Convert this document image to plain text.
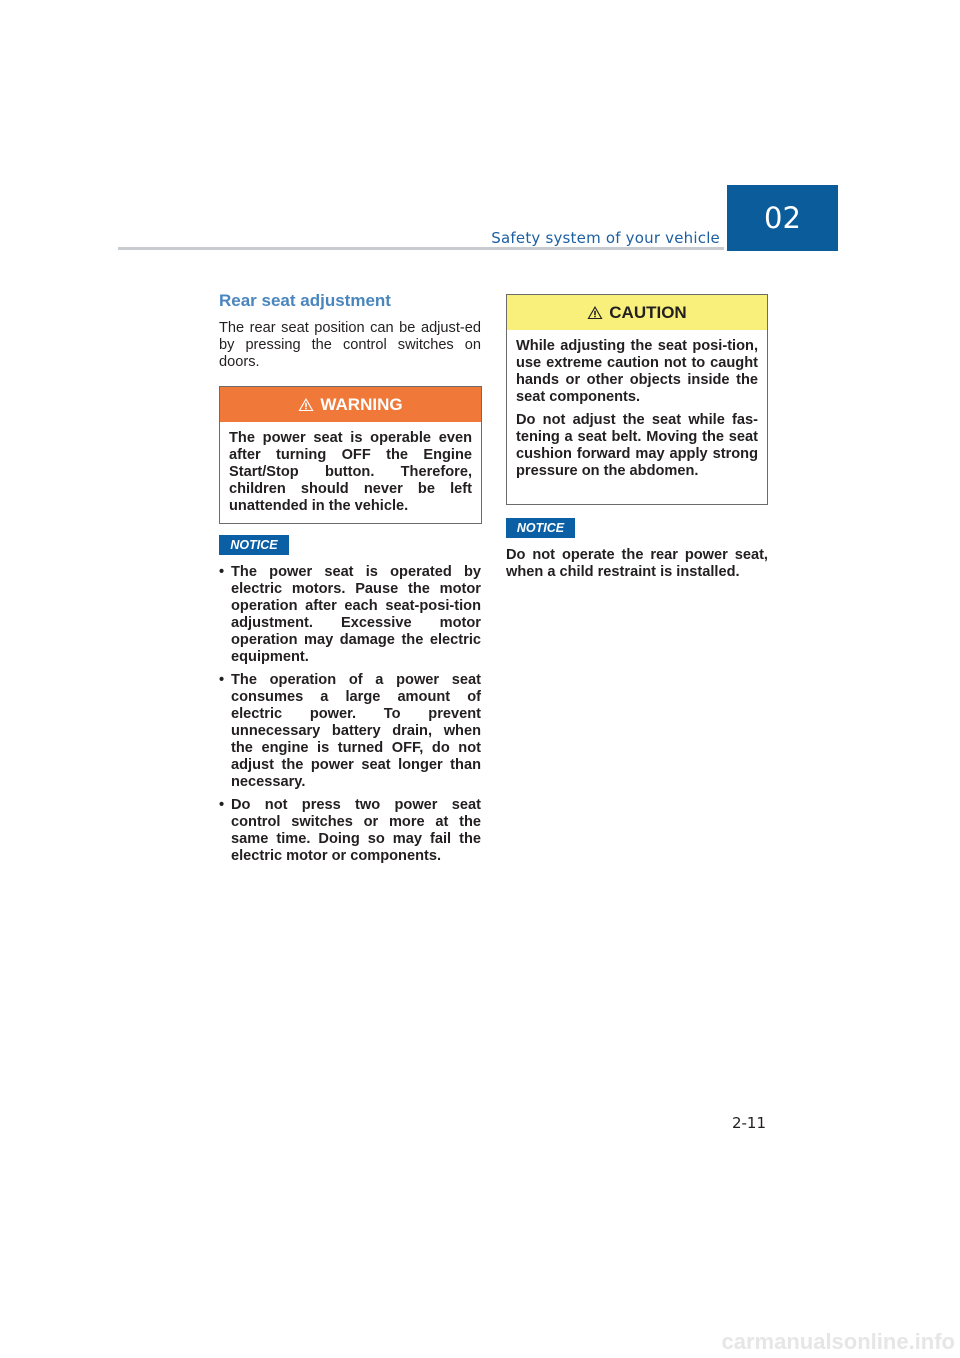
Safety system of your vehicle
02
Rear seat adjustment
The rear seat position can be adjust-ed by pressing the control switches on doors.
WARNING
The power seat is operable even after turning OFF the Engine Start/Stop button. Therefore, children should never be left unattended in the vehicle.
NOTICE
• The power seat is operated by electric motors. Pause the motor operation after each seat-posi-tion adjustment. Excessive motor operation may damage the electric equipment.
• The operation of a power seat consumes a large amount of electric power. To prevent unnecessary battery drain, when the engine is turned OFF, do not adjust the power seat longer than necessary.
• Do not press two power seat control switches or more at the same time. Doing so may fail the electric motor or components.
CAUTION

While adjusting the seat posi-tion, use extreme caution not to caught hands or other objects inside the seat components.

Do not adjust the seat while fas-tening a seat belt. Moving the seat cushion forward may apply strong pressure on the abdomen.

NOTICE
Do not operate the rear power seat, when a child restraint is installed.
2-11
carmanualsonline.info
